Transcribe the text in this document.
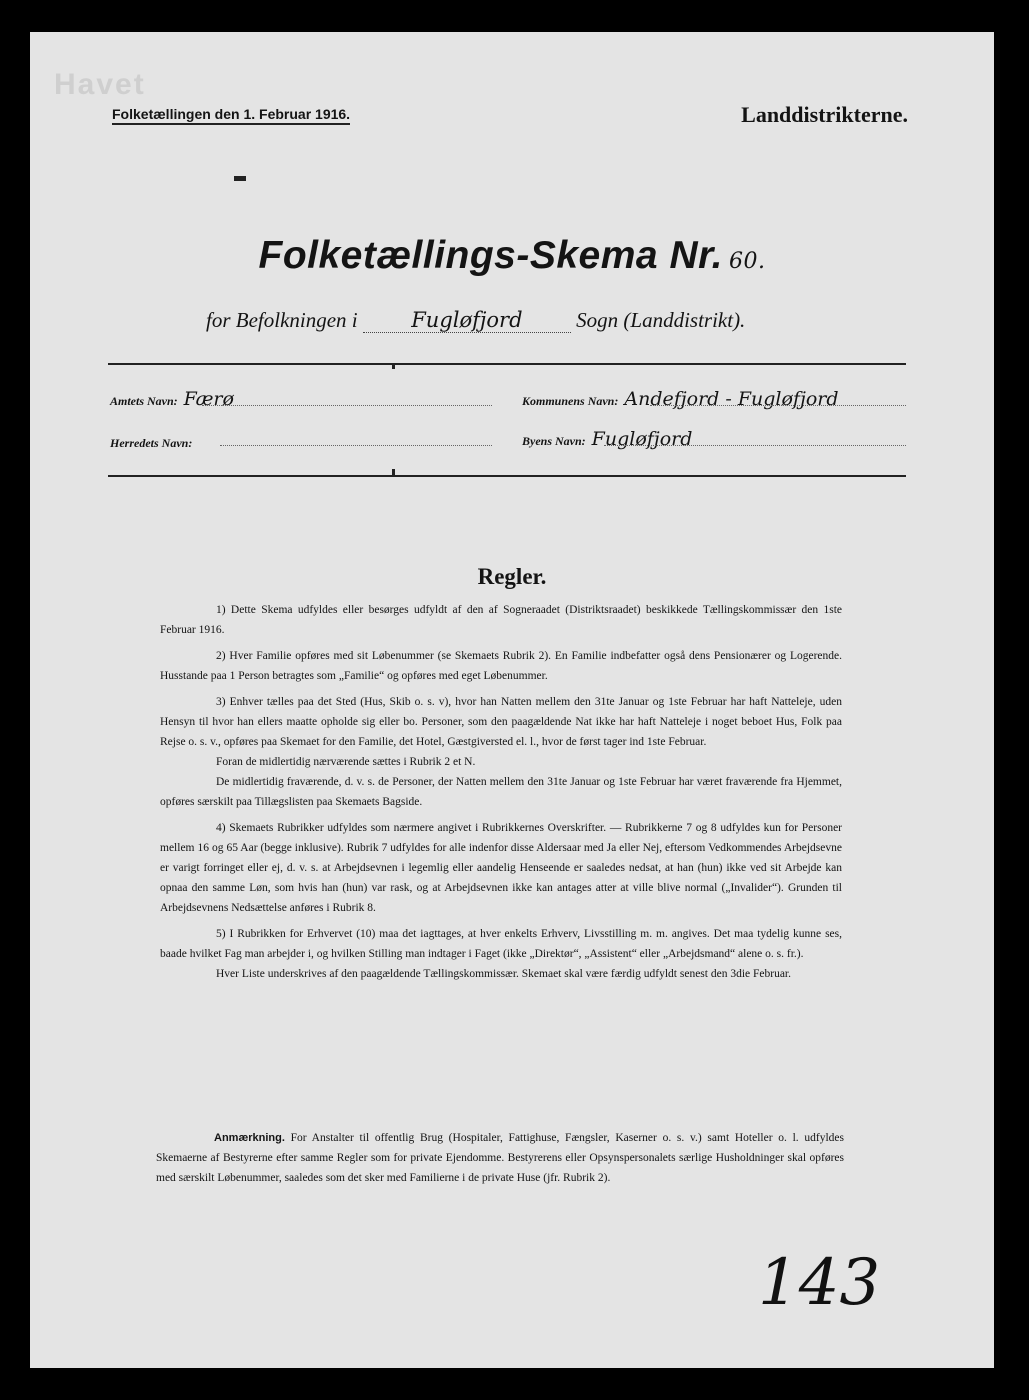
Havet
Folketællingen den 1. Februar 1916.	Landdistrikterne.
Folketællings-Skema Nr. 60.
for Befolkningen i	Fugløfjord	Sogn (Landdistrikt).
Amtets Navn: Færø	Kommunens Navn: Andefjord - Fugløfjord
Herredets Navn:	Byens Navn: Fugløfjord
Regler.

1) Dette Skema udfyldes eller besørges udfyldt af den af Sogneraadet (Distriktsraadet) beskikkede Tællingskommissær den 1ste Februar 1916.

2) Hver Familie opføres med sit Løbenummer (se Skemaets Rubrik 2). En Familie indbefatter også dens Pensionærer og Logerende. Husstande paa 1 Person betragtes som „Familie“ og opføres med eget Løbenummer.

3) Enhver tælles paa det Sted (Hus, Skib o. s. v), hvor han Natten mellem den 31te Januar og 1ste Februar har haft Natteleje, uden Hensyn til hvor han ellers maatte opholde sig eller bo. Personer, som den paagældende Nat ikke har haft Natteleje i noget beboet Hus, Folk paa Rejse o. s. v., opføres paa Skemaet for den Familie, det Hotel, Gæstgiversted el. l., hvor de først tager ind 1ste Februar.

Foran de midlertidig nærværende sættes i Rubrik 2 et N.

De midlertidig fraværende, d. v. s. de Personer, der Natten mellem den 31te Januar og 1ste Februar har været fraværende fra Hjemmet, opføres særskilt paa Tillægslisten paa Skemaets Bagside.

4) Skemaets Rubrikker udfyldes som nærmere angivet i Rubrikkernes Overskrifter. — Rubrikkerne 7 og 8 udfyldes kun for Personer mellem 16 og 65 Aar (begge inklusive). Rubrik 7 udfyldes for alle indenfor disse Aldersaar med Ja eller Nej, eftersom Vedkommendes Arbejdsevne er varigt forringet eller ej, d. v. s. at Arbejdsevnen i legemlig eller aandelig Henseende er saaledes nedsat, at han (hun) ikke ved sit Arbejde kan opnaa den samme Løn, som hvis han (hun) var rask, og at Arbejdsevnen ikke kan antages atter at ville blive normal („Invalider“). Grunden til Arbejdsevnens Nedsættelse anføres i Rubrik 8.

5) I Rubrikken for Erhvervet (10) maa det iagttages, at hver enkelts Erhverv, Livsstilling m. m. angives. Det maa tydelig kunne ses, baade hvilket Fag man arbejder i, og hvilken Stilling man indtager i Faget (ikke „Direktør“, „Assistent“ eller „Arbejdsmand“ alene o. s. fr.).

Hver Liste underskrives af den paagældende Tællingskommissær. Skemaet skal være færdig udfyldt senest den 3die Februar.

Anmærkning. For Anstalter til offentlig Brug (Hospitaler, Fattighuse, Fængsler, Kaserner o. s. v.) samt Hoteller o. l. udfyldes Skemaerne af Bestyrerne efter samme Regler som for private Ejendomme. Bestyrerens eller Opsynspersonalets særlige Husholdninger skal opføres med særskilt Løbenummer, saaledes som det sker med Familierne i de private Huse (jfr. Rubrik 2).

143
